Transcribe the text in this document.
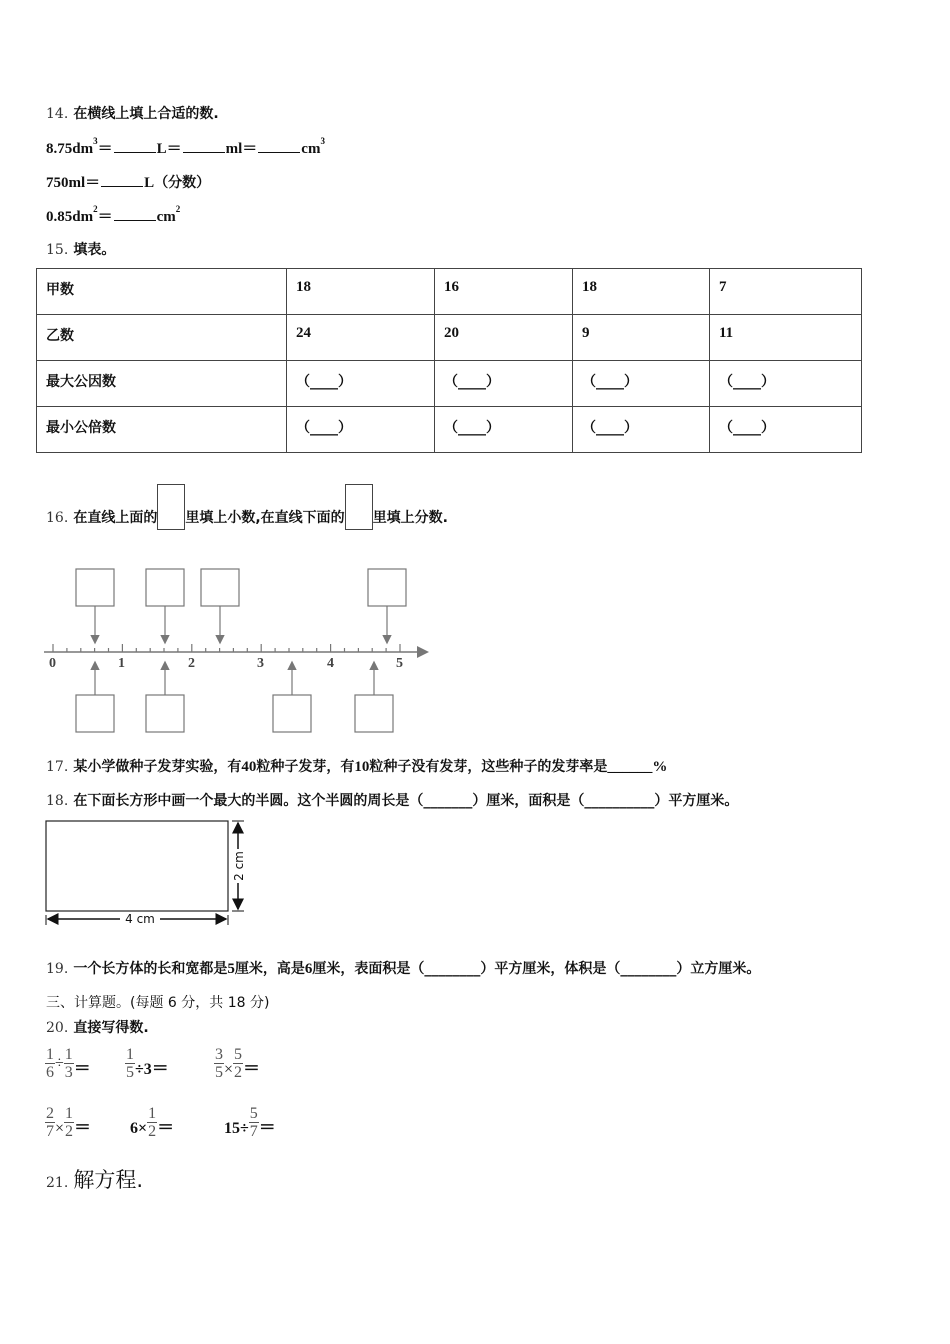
14. 在横线上填上合适的数.
$8.75dm^3=$	L＝	ml＝	$cm^3$
750ml＝	L（分数）
$0.85dm^2=$	$cm^2$
15. 填表。
甲数	18	16	18	7
乙数	24	20	9	11
最大公因数	（____）	（____）	（____）	（____）
最小公倍数	（____）	（____）	（____）	（____）
16. 在直线上面的 里填上小数,在直线下面的 里填上分数.
0	1	2	3	4	5
17. 某小学做种子发芽实验，有40粒种子发芽，有10粒种子没有发芽，这些种子的发芽率是______%
18. 在下面长方形中画一个最大的半圆。这个半圆的周长是（_______）厘米，面积是（__________）平方厘米。
4 cm
2 cm
19. 一个长方体的长和宽都是5厘米，高是6厘米，表面积是（________）平方厘米，体积是（________）立方厘米。
三、计算题。(每题 6 分，共 18 分)
20. 直接写得数.
$\frac{1}{6} \div \frac{1}{3} = \frac{1}{5} \div 3=$	$\frac{3}{5} \times \frac{5}{2}$ ＝
$\frac{2}{7} \times \frac{1}{2} = 6\times \frac{1}{2}$ ＝	$15\div \frac{5}{7}$ ＝
21. 解方程.
